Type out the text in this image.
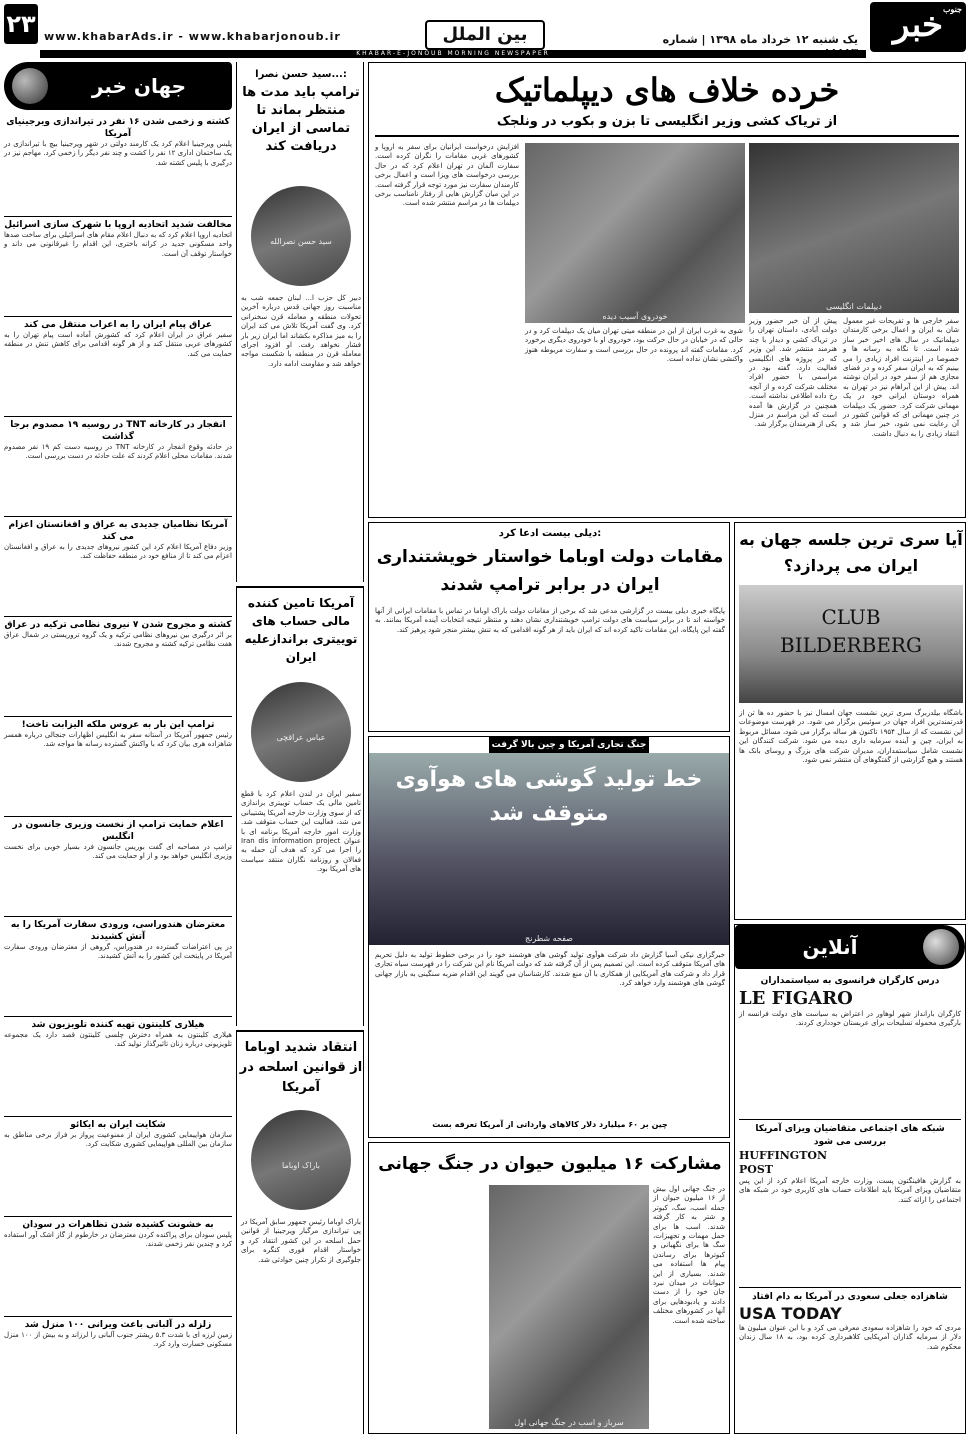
۲۳ www.khabarAds.ir - www.khabarjonoub.ir	بین الملل	یک شنبه ۱۲ خرداد ماه ۱۳۹۸ | شماره	خبر جنوب
KHABAR-E-JONOUB MORNING NEWSPAPER
خرده خلاف های دیپلماتیک
از تریاک کشی وزیر انگلیسی تا بزن و بکوب در ونلجک
دیپلمات انگلیسی
خودروی آسیب دیده	سفر خارجی ها و تفریحات غیر معمول شان به ایران و اعمال برخی کارمندان دیپلماتیک در سال های اخیر خبر ساز شده است. تا نگاه به رسانه ها و خصوصا در اینترنت افراد زیادی را می بینیم که به ایران سفر کرده و در فضای مجازی هم از سفر خود در ایران نوشته اند. پیش از این آبراهام نیز در تهران به همراه دوستان ایرانی خود در یک مهمانی شرکت کرد. حضور یک دیپلمات در چنین مهمانی ای که قوانین کشور در آن رعایت نمی شود، خبر ساز شد و انتقاد زیادی را به دنبال داشت.
پیش از آن خبر حضور وزیر دولت آبادی، داستان تهران را در تریاک کشی و دیدار با چند هنرمند منتشر شد. این وزیر که در پروژه های انگلیسی فعالیت دارد، گفته بود در مراسمی با حضور افراد مختلف شرکت کرده و از آنچه رخ داده اطلاعی نداشته است. همچنین در گزارش ها آمده است که این مراسم در منزل یکی از هنرمندان برگزار شد.
شوی به غرب ایران از این در منطقه میتی تهران میان یک دیپلمات کرد و در حالی که در خیابان در حال حرکت بود، خودروی او با خودروی دیگری برخورد کرد. مقامات گفته اند پرونده در حال بررسی است و سفارت مربوطه هنوز واکنشی نشان نداده است.
افزایش درخواست ایرانیان برای سفر به اروپا و کشورهای غربی مقامات را نگران کرده است. سفارت آلمان در تهران اعلام کرد که در حال بررسی درخواست های ویزا است و اعمال برخی کارمندان سفارت نیز مورد توجه قرار گرفته است. در این میان گزارش هایی از رفتار نامناسب برخی دیپلمات ها در مراسم منتشر شده است.
سید حسن نصرا...:
ترامپ باید مدت ها منتظر بماند تا تماسی از ایران دریافت کند
سید حسن نصرالله
دبیر کل حزب ا... لبنان جمعه شب به مناسبت روز جهانی قدس درباره آخرین تحولات منطقه و معامله قرن سخنرانی کرد. وی گفت آمریکا تلاش می کند ایران را به میز مذاکره بکشاند اما ایران زیر بار فشار نخواهد رفت. او افزود اجرای معامله قرن در منطقه با شکست مواجه خواهد شد و مقاومت ادامه دارد.
جهان خبر
کشته و زخمی شدن ۱۶ نفر در تیراندازی ویرجینیای آمریکا
پلیس ویرجینیا اعلام کرد یک کارمند دولتی در شهر ویرجینیا بیچ با تیراندازی در یک ساختمان اداری ۱۲ نفر را کشت و چند نفر دیگر را زخمی کرد. مهاجم نیز در درگیری با پلیس کشته شد.
مخالفت شدید اتحادیه اروپا با شهرک سازی اسرائیل
اتحادیه اروپا اعلام کرد که به دنبال اعلام مقام های اسرائیلی برای ساخت صدها واحد مسکونی جدید در کرانه باختری، این اقدام را غیرقانونی می داند و خواستار توقف آن است.
عراق پیام ایران را به اعراب منتقل می کند
سفیر عراق در ایران اعلام کرد که کشورش آماده است پیام تهران را به کشورهای عربی منتقل کند و از هر گونه اقدامی برای کاهش تنش در منطقه حمایت می کند.
انفجار در کارخانه TNT در روسیه ۱۹ مصدوم برجا گذاشت
در حادثه وقوع انفجار در کارخانه TNT در روسیه دست کم ۱۹ نفر مصدوم شدند. مقامات محلی اعلام کردند که علت حادثه در دست بررسی است.
آمریکا نظامیان جدیدی به عراق و افغانستان اعزام می کند
وزیر دفاع آمریکا اعلام کرد این کشور نیروهای جدیدی را به عراق و افغانستان اعزام می کند تا از منافع خود در منطقه حفاظت کند.
کشته و مجروح شدن ۷ نیروی نظامی ترکیه در عراق
بر اثر درگیری بین نیروهای نظامی ترکیه و یک گروه تروریستی در شمال عراق هفت نظامی ترکیه کشته و مجروح شدند.
ترامپ این بار به عروس ملکه الیزابت تاخت!
رئیس جمهور آمریکا در آستانه سفر به انگلیس اظهارات جنجالی درباره همسر شاهزاده هری بیان کرد که با واکنش گسترده رسانه ها مواجه شد.
اعلام حمایت ترامپ از نخست وزیری جانسون در انگلیس
ترامپ در مصاحبه ای گفت بوریس جانسون فرد بسیار خوبی برای نخست وزیری انگلیس خواهد بود و از او حمایت می کند.
معترضان هندوراسی، ورودی سفارت آمریکا را به آتش کشیدند
در پی اعتراضات گسترده در هندوراس، گروهی از معترضان ورودی سفارت آمریکا در پایتخت این کشور را به آتش کشیدند.
هیلاری کلینتون تهیه کننده تلویزیون شد
هیلاری کلینتون به همراه دخترش چلسی کلینتون قصد دارد یک مجموعه تلویزیونی درباره زنان تاثیرگذار تولید کند.
شکایت ایران به ایکائو
سازمان هواپیمایی کشوری ایران از ممنوعیت پرواز بر فراز برخی مناطق به سازمان بین المللی هواپیمایی کشوری شکایت کرد.
به خشونت کشیده شدن تظاهرات در سودان
پلیس سودان برای پراکنده کردن معترضان در خارطوم از گاز اشک آور استفاده کرد و چندین نفر زخمی شدند.
زلزله در آلبانی باعث ویرانی ۱۰۰ منزل شد
زمین لرزه ای با شدت ۵.۳ ریشتر جنوب آلبانی را لرزاند و به بیش از ۱۰۰ منزل مسکونی خسارت وارد کرد.
آمریکا تامین کننده مالی حساب های توییتری براندازعلیه ایران
عباس عراقچی
سفیر ایران در لندن اعلام کرد با قطع تامین مالی یک حساب توییتری براندازی که از سوی وزارت خارجه آمریکا پشتیبانی می شد، فعالیت این حساب متوقف شد. وزارت امور خارجه آمریکا برنامه ای با عنوان Iran dis information project را اجرا می کرد که هدف آن حمله به فعالان و روزنامه نگاران منتقد سیاست های آمریکا بود.
انتقاد شدید اوباما از قوانین اسلحه در آمریکا
باراک اوباما
باراک اوباما رئیس جمهور سابق آمریکا در پی تیراندازی مرگبار ویرجینیا از قوانین حمل اسلحه در این کشور انتقاد کرد و خواستار اقدام فوری کنگره برای جلوگیری از تکرار چنین حوادثی شد.
دیلی بیست ادعا کرد:
مقامات دولت اوباما خواستار خویشتنداری ایران در برابر ترامپ شدند
پایگاه خبری دیلی بیست در گزارشی مدعی شد که برخی از مقامات دولت باراک اوباما در تماس با مقامات ایرانی از آنها خواسته اند تا در برابر سیاست های دولت ترامپ خویشتنداری نشان دهند و منتظر نتیجه انتخابات آینده آمریکا بمانند. به گفته این پایگاه، این مقامات تاکید کرده اند که ایران باید از هر گونه اقدامی که به تنش بیشتر منجر شود پرهیز کند.
آیا سری ترین جلسه جهان به ایران می پردازد؟
CLUB BILDERBERG
باشگاه بیلدربرگ سری ترین نشست جهان امسال نیز با حضور ده ها تن از قدرتمندترین افراد جهان در سوئیس برگزار می شود. در فهرست موضوعات این نشست که از سال ۱۹۵۴ تاکنون هر ساله برگزار می شود، مسائل مربوط به ایران، چین و آینده سرمایه داری دیده می شود. شرکت کنندگان این نشست شامل سیاستمداران، مدیران شرکت های بزرگ و روسای بانک ها هستند و هیچ گزارشی از گفتگوهای آن منتشر نمی شود.
جنگ تجاری آمریکا و چین بالا گرفت
خط تولید گوشی های هوآوی متوقف شد
صفحه شطرنج
خبرگزاری نیکی آسیا گزارش داد شرکت هوآوی تولید گوشی های هوشمند خود را در برخی خطوط تولید به دلیل تحریم های آمریکا متوقف کرده است. این تصمیم پس از آن گرفته شد که دولت آمریکا نام این شرکت را در فهرست سیاه تجاری قرار داد و شرکت های آمریکایی از همکاری با آن منع شدند. کارشناسان می گویند این اقدام ضربه سنگینی به بازار جهانی گوشی های هوشمند وارد خواهد کرد.
چین بر ۶۰ میلیارد دلار کالاهای وارداتی از آمریکا تعرفه بست
مشارکت ۱۶ میلیون حیوان در جنگ جهانی
سرباز و اسب در جنگ جهانی اول
در جنگ جهانی اول بیش از ۱۶ میلیون حیوان از جمله اسب، سگ، کبوتر و شتر به کار گرفته شدند. اسب ها برای حمل مهمات و تجهیزات، سگ ها برای نگهبانی و کبوترها برای رساندن پیام ها استفاده می شدند. بسیاری از این حیوانات در میدان نبرد جان خود را از دست دادند و یادبودهایی برای آنها در کشورهای مختلف ساخته شده است.
آنلاین
درس کارگران فرانسوی به سیاستمداران
LE FIGARO
کارگران بارانداز شهر لوهاور در اعتراض به سیاست های دولت فرانسه از بارگیری محموله تسلیحات برای عربستان خودداری کردند.
شبکه های اجتماعی متقاضیان ویزای آمریکا بررسی می شود
HUFFINGTON POST
به گزارش هافینگتون پست، وزارت خارجه آمریکا اعلام کرد از این پس متقاضیان ویزای آمریکا باید اطلاعات حساب های کاربری خود در شبکه های اجتماعی را ارائه کنند.
شاهزاده جعلی سعودی در آمریکا به دام افتاد
USA TODAY
مردی که خود را شاهزاده سعودی معرفی می کرد و با این عنوان میلیون ها دلار از سرمایه گذاران آمریکایی کلاهبرداری کرده بود، به ۱۸ سال زندان محکوم شد.
